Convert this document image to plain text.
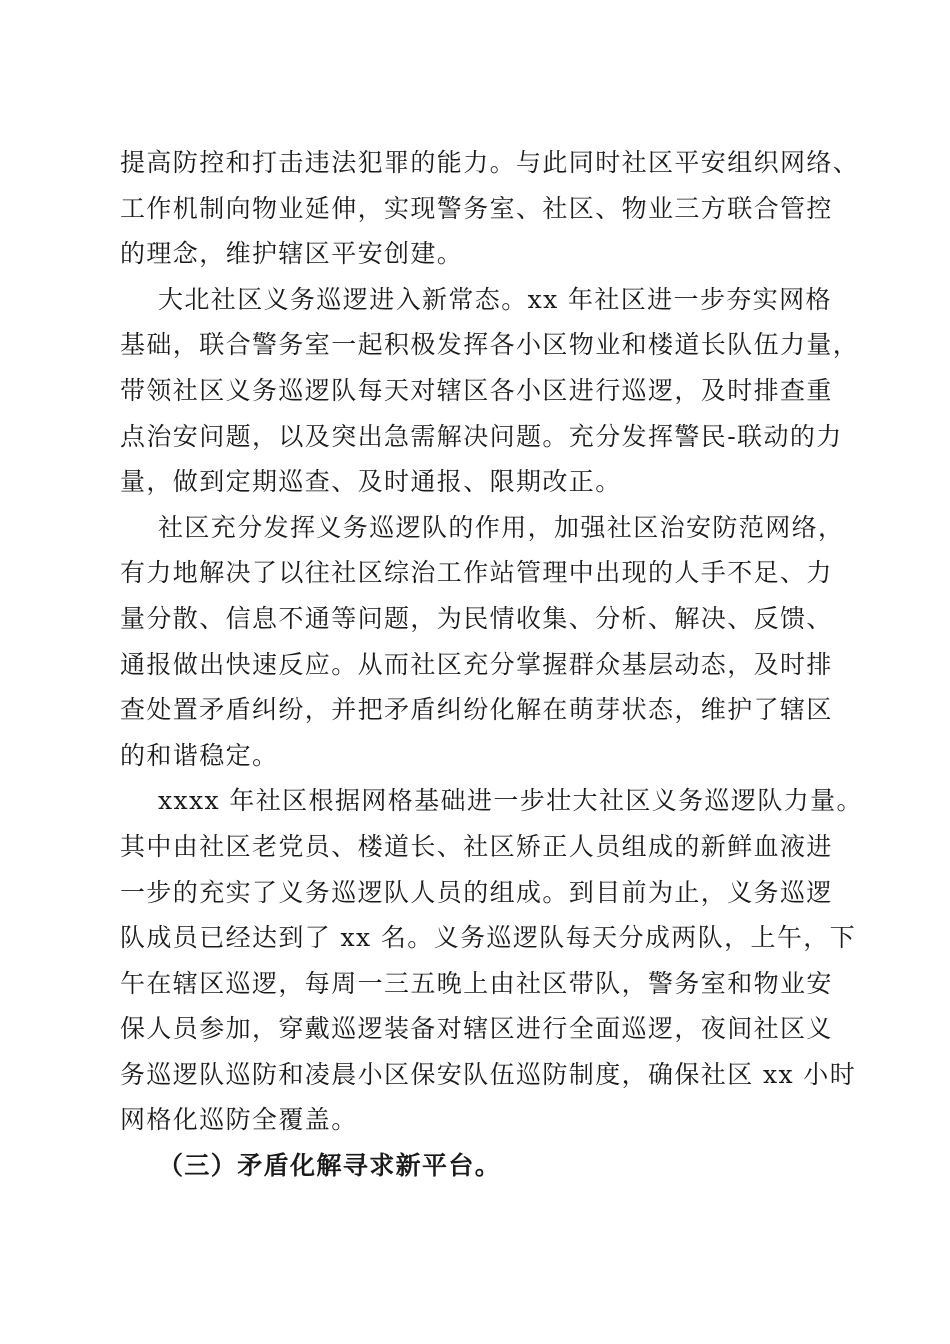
提高防控和打击违法犯罪的能力。与此同时社区平安组织网络、
工作机制向物业延伸，实现警务室、社区、物业三方联合管控
的理念，维护辖区平安创建。
大北社区义务巡逻进入新常态。xx 年社区进一步夯实网格
基础，联合警务室一起积极发挥各小区物业和楼道长队伍力量，
带领社区义务巡逻队每天对辖区各小区进行巡逻，及时排查重
点治安问题，以及突出急需解决问题。充分发挥警民-联动的力
量，做到定期巡查、及时通报、限期改正。
社区充分发挥义务巡逻队的作用，加强社区治安防范网络，
有力地解决了以往社区综治工作站管理中出现的人手不足、力
量分散、信息不通等问题，为民情收集、分析、解决、反馈、
通报做出快速反应。从而社区充分掌握群众基层动态，及时排
查处置矛盾纠纷，并把矛盾纠纷化解在萌芽状态，维护了辖区
的和谐稳定。
xxxx 年社区根据网格基础进一步壮大社区义务巡逻队力量。
其中由社区老党员、楼道长、社区矫正人员组成的新鲜血液进
一步的充实了义务巡逻队人员的组成。到目前为止，义务巡逻
队成员已经达到了 xx 名。义务巡逻队每天分成两队，上午，下
午在辖区巡逻，每周一三五晚上由社区带队，警务室和物业安
保人员参加，穿戴巡逻装备对辖区进行全面巡逻，夜间社区义
务巡逻队巡防和凌晨小区保安队伍巡防制度，确保社区 xx 小时
网格化巡防全覆盖。
（三）矛盾化解寻求新平台。
